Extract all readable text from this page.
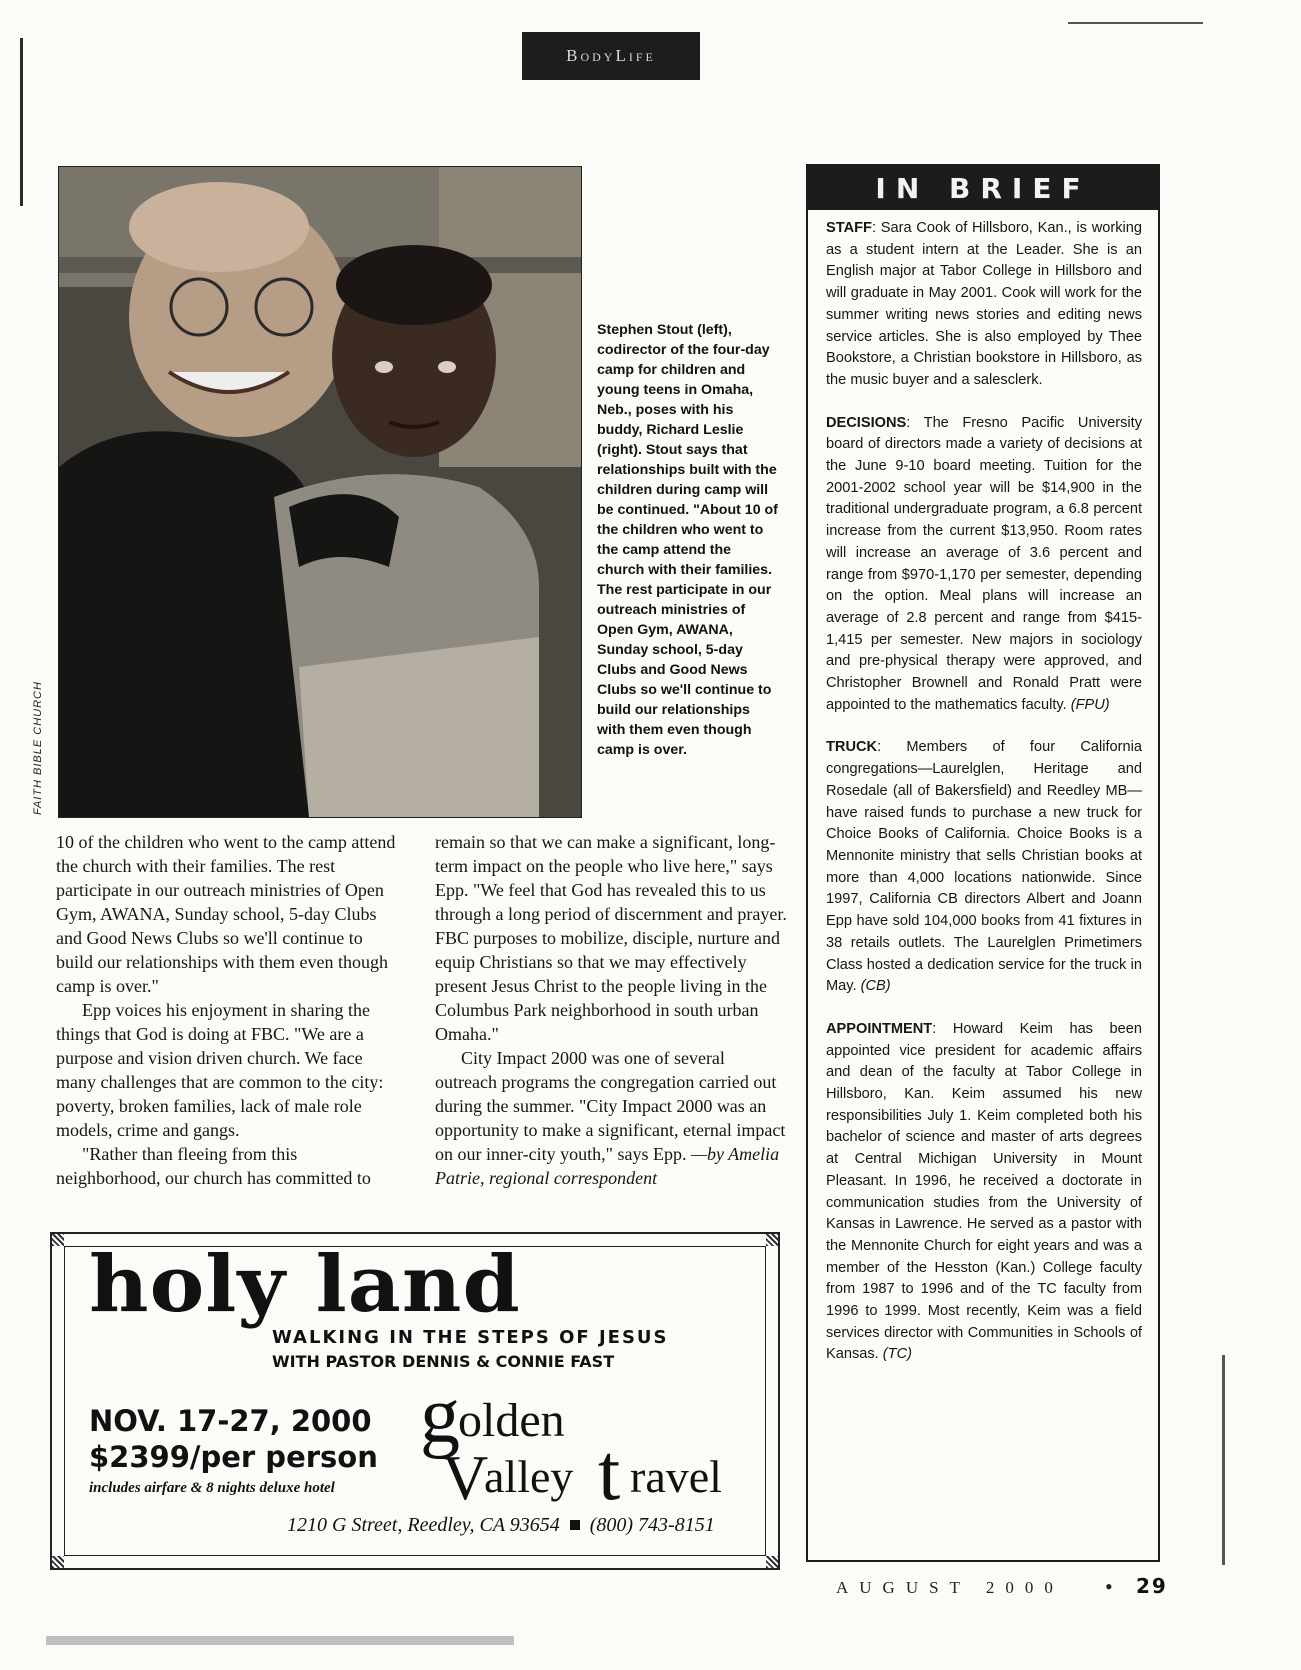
BodyLife
FAITH BIBLE CHURCH
Stephen Stout (left), codirector of the four-day camp for children and young teens in Omaha, Neb., poses with his buddy, Richard Leslie (right). Stout says that relationships built with the children during camp will be continued. "About 10 of the children who went to the camp attend the church with their families. The rest participate in our outreach ministries of Open Gym, AWANA, Sunday school, 5-day Clubs and Good News Clubs so we'll continue to build our relationships with them even though camp is over.

10 of the children who went to the camp attend the church with their families. The rest participate in our outreach ministries of Open Gym, AWANA, Sunday school, 5-day Clubs and Good News Clubs so we'll continue to build our relationships with them even though camp is over."

Epp voices his enjoyment in sharing the things that God is doing at FBC. "We are a purpose and vision driven church. We face many challenges that are common to the city: poverty, broken families, lack of male role models, crime and gangs.

"Rather than fleeing from this neighborhood, our church has committed to

remain so that we can make a significant, long-term impact on the people who live here," says Epp. "We feel that God has revealed this to us through a long period of discernment and prayer. FBC purposes to mobilize, disciple, nurture and equip Christians so that we may effectively present Jesus Christ to the people living in the Columbus Park neighborhood in south urban Omaha."

City Impact 2000 was one of several outreach programs the congregation carried out during the summer. "City Impact 2000 was an opportunity to make a significant, eternal impact on our inner-city youth," says Epp. —by Amelia Patrie, regional correspondent

IN BRIEF

STAFF: Sara Cook of Hillsboro, Kan., is working as a student intern at the Leader. She is an English major at Tabor College in Hillsboro and will graduate in May 2001. Cook will work for the summer writing news stories and editing news service articles. She is also employed by Thee Bookstore, a Christian bookstore in Hillsboro, as the music buyer and a salesclerk.

DECISIONS: The Fresno Pacific University board of directors made a variety of decisions at the June 9-10 board meeting. Tuition for the 2001-2002 school year will be $14,900 in the traditional undergraduate program, a 6.8 percent increase from the current $13,950. Room rates will increase an average of 3.6 percent and range from $970-1,170 per semester, depending on the option. Meal plans will increase an average of 2.8 percent and range from $415-1,415 per semester. New majors in sociology and pre-physical therapy were approved, and Christopher Brownell and Ronald Pratt were appointed to the mathematics faculty. (FPU)

TRUCK: Members of four California congregations—Laurelglen, Heritage and Rosedale (all of Bakersfield) and Reedley MB—have raised funds to purchase a new truck for Choice Books of California. Choice Books is a Mennonite ministry that sells Christian books at more than 4,000 locations nationwide. Since 1997, California CB directors Albert and Joann Epp have sold 104,000 books from 41 fixtures in 38 retails outlets. The Laurelglen Primetimers Class hosted a dedication service for the truck in May. (CB)

APPOINTMENT: Howard Keim has been appointed vice president for academic affairs and dean of the faculty at Tabor College in Hillsboro, Kan. Keim assumed his new responsibilities July 1. Keim completed both his bachelor of science and master of arts degrees at Central Michigan University in Mount Pleasant. In 1996, he received a doctorate in communication studies from the University of Kansas in Lawrence. He served as a pastor with the Mennonite Church for eight years and was a member of the Hesston (Kan.) College faculty from 1987 to 1996 and of the TC faculty from 1996 to 1999. Most recently, Keim was a field services director with Communities in Schools of Kansas. (TC)

holy land
WALKING IN THE STEPS OF JESUS
WITH PASTOR DENNIS & CONNIE FAST
NOV. 17-27, 2000
$2399/per person
includes airfare & 8 nights deluxe hotel
g
olden
V
alley t ravel
1210 G Street, Reedley, CA 93654 (800) 743-8151
AUGUST 2000 • 29
